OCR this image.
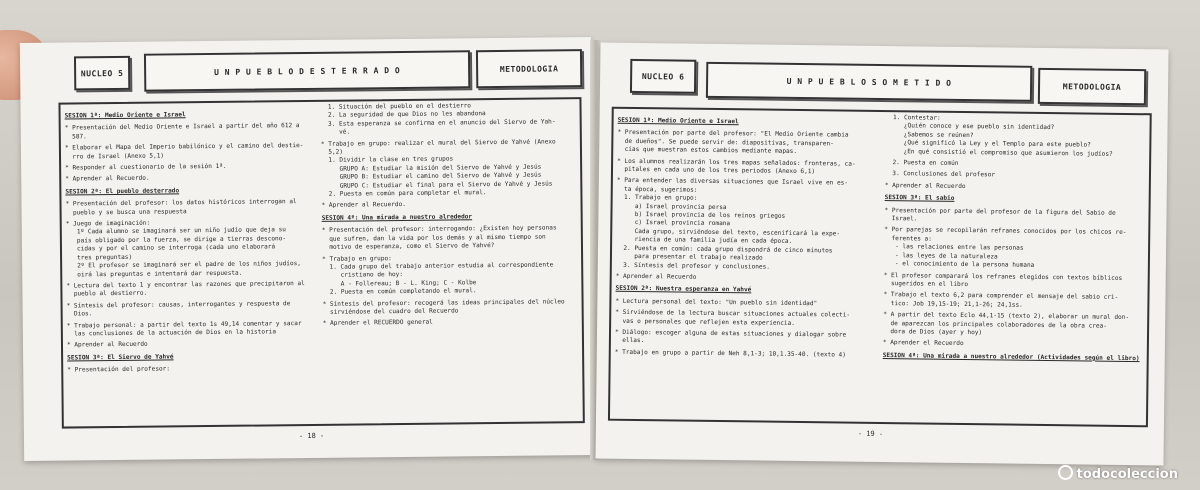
NUCLEO 5	U N P U E B L O D E S T E R R A D O	METODOLOGIA

SESION 1ª: Medio Oriente e Israel

* Presentación del Medio Oriente e Israel a partir del año 612 a
587.

* Elaborar el Mapa del Imperio babilónico y el camino del destie-
rro de Israel (Anexo 5,1)

* Responder al cuestionario de la sesión 1ª.

* Aprender al Recuerdo.

SESION 2ª: El pueblo desterrado

* Presentación del profesor: los datos históricos interrogan al
pueblo y se busca una respuesta

* Juego de imaginación:
1º Cada alumno se imaginará ser un niño judío que deja su
país obligado por la fuerza, se dirige a tierras descono-
cidas y por el camino se interroga (cada uno elaborará
tres preguntas)
2º El profesor se imaginará ser el padre de los niños judíos,
oirá las preguntas e intentará dar respuesta.

* Lectura del texto 1 y encontrar las razones que precipitaron al
pueblo al destierro.

* Síntesis del profesor: causas, interrogantes y respuesta de
Dios.

* Trabajo personal: a partir del texto 1s 49,14 comentar y sacar
las conclusiones de la actuación de Dios en la historia

* Aprender al Recuerdo

SESION 3ª: El Siervo de Yahvé

* Presentación del profesor:

1. Situación del pueblo en el destierro
2. La seguridad de que Dios no les abandona
3. Esta esperanza se confirma en el anuncio del Siervo de Yah-
vé.

* Trabajo en grupo: realizar el mural del Siervo de Yahvé (Anexo
5,2)
1. Dividir la clase en tres grupos
GRUPO A: Estudiar la misión del Siervo de Yahvé y Jesús
GRUPO B: Estudiar el camino del Siervo de Yahvé y Jesús
GRUPO C: Estudiar el final para el Siervo de Yahvé y Jesús
2. Puesta en común para completar el mural.

* Aprender al Recuerdo.

SESION 4ª: Una mirada a nuestro alrededor

* Presentación del profesor: interrogando: ¿Existen hoy personas
que sufren, dan la vida por los demás y al mismo tiempo son
motivo de esperanza, como el Siervo de Yahvé?

* Trabajo en grupo:
1. Cada grupo del trabajo anterior estudia al correspondiente
cristiano de hoy:
A - Follereau; B - L. King; C - Kolbe
2. Puesta en común completando el mural.

* Síntesis del profesor: recogerá las ideas principales del núcleo
sirviéndose del cuadro del Recuerdo

* Aprender el RECUERDO general

- 18 -
NUCLEO 6
U N P U E B L O S O M E T I D O	METODOLOGIA

SESION 1ª: Medio Oriente e Israel

* Presentación por parte del profesor: "El Medio Oriente cambia
de dueños". Se puede servir de: diapositivas, transparen-
cias que muestran estos cambios mediante mapas.

* Los alumnos realizarán los tres mapas señalados: fronteras, ca-
pitales en cada uno de los tres periodos (Anexo 6,1)

* Para entender las diversas situaciones que Israel vive en es-
ta época, sugerimos:
1. Trabajo en grupo:
a) Israel provincia persa
b) Israel provincia de los reinos griegos
c) Israel provincia romana
Cada grupo, sirviéndose del texto, escenificará la expe-
riencia de una familia judía en cada época.
2. Puesta en común: cada grupo dispondrá de cinco minutos
para presentar el trabajo realizado
3. Síntesis del profesor y conclusiones.

* Aprender al Recuerdo

SESION 2ª: Nuestra esperanza en Yahvé

* Lectura personal del texto: "Un pueblo sin identidad"

* Sirviéndose de la lectura buscar situaciones actuales colecti-
vas o personales que reflejen esta experiencia.

* Diálogo: escoger alguna de estas situaciones y dialogar sobre
ellas.

* Trabajo en grupo a partir de Neh 8,1-3; 10,1.35-40. (texto 4)

1. Contestar:
¿Quién conoce y ese pueblo sin identidad?
¿Sabemos se reúnen?
¿Qué significó la Ley y el Templo para este pueblo?
¿En qué consistió el compromiso que asumieron los judíos?

2. Puesta en común

3. Conclusiones del profesor

* Aprender al Recuerdo

SESION 3ª: El sabio

* Presentación por parte del profesor de la figura del Sabio de
Israel.

* Por parejas se recopilarán refranes conocidos por los chicos re-
ferentes a:
- las relaciones entre las personas
- las leyes de la naturaleza
- el conocimiento de la persona humana

* El profesor comparará los refranes elegidos con textos bíblicos
sugeridos en el libro

* Trabajo el texto 6,2 para comprender el mensaje del sabio cri-
tico: Job 19,15-19; 21,1-26; 24,1ss.

* A partir del texto Eclo 44,1-15 (texto 2), elaborar un mural don-
de aparezcan los principales colaboradores de la obra crea-
dora de Dios (ayer y hoy)

* Aprender el Recuerdo

SESION 4ª: Una mirada a nuestro alrededor (Actividades según el libro)

- 19 -
todocoleccion
